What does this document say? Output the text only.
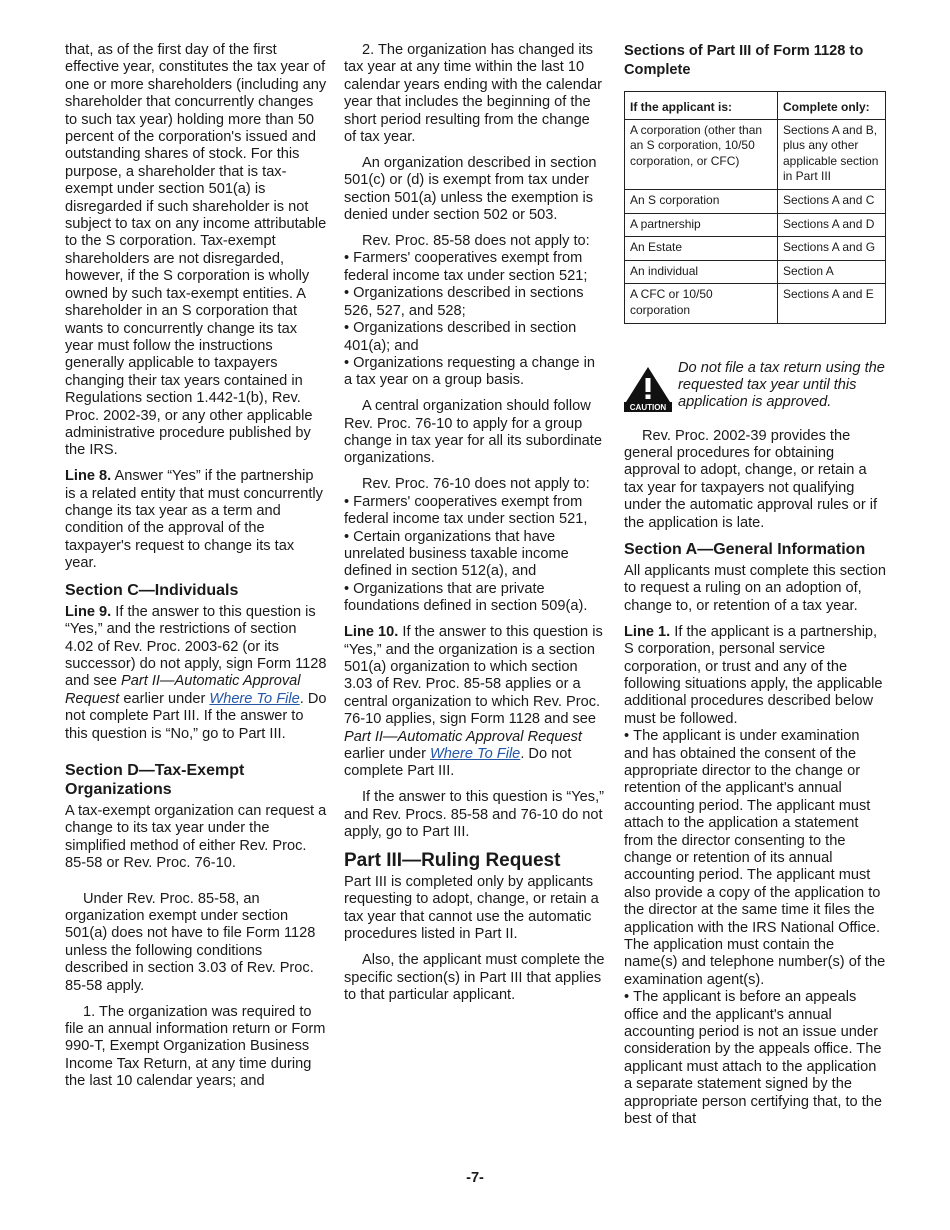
that, as of the first day of the first effective year, constitutes the tax year of one or more shareholders (including any shareholder that concurrently changes to such tax year) holding more than 50 percent of the corporation's issued and outstanding shares of stock. For this purpose, a shareholder that is tax-exempt under section 501(a) is disregarded if such shareholder is not subject to tax on any income attributable to the S corporation. Tax-exempt shareholders are not disregarded, however, if the S corporation is wholly owned by such tax-exempt entities. A shareholder in an S corporation that wants to concurrently change its tax year must follow the instructions generally applicable to taxpayers changing their tax years contained in Regulations section 1.442-1(b), Rev. Proc. 2002-39, or any other applicable administrative procedure published by the IRS.

Line 8. Answer “Yes” if the partnership is a related entity that must concurrently change its tax year as a term and condition of the approval of the taxpayer's request to change its tax year.

Section C—Individuals

Line 9. If the answer to this question is “Yes,” and the restrictions of section 4.02 of Rev. Proc. 2003-62 (or its successor) do not apply, sign Form 1128 and see Part II—Automatic Approval Request earlier under Where To File. Do not complete Part III. If the answer to this question is “No,” go to Part III.

Section D—Tax-Exempt Organizations

A tax-exempt organization can request a change to its tax year under the simplified method of either Rev. Proc. 85-58 or Rev. Proc. 76-10.

Under Rev. Proc. 85-58, an organization exempt under section 501(a) does not have to file Form 1128 unless the following conditions described in section 3.03 of Rev. Proc. 85-58 apply.

1. The organization was required to file an annual information return or Form 990-T, Exempt Organization Business Income Tax Return, at any time during the last 10 calendar years; and

2. The organization has changed its tax year at any time within the last 10 calendar years ending with the calendar year that includes the beginning of the short period resulting from the change of tax year.

An organization described in section 501(c) or (d) is exempt from tax under section 501(a) unless the exemption is denied under section 502 or 503.

Rev. Proc. 85-58 does not apply to:
• Farmers' cooperatives exempt from federal income tax under section 521;
• Organizations described in sections 526, 527, and 528;
• Organizations described in section 401(a); and
• Organizations requesting a change in a tax year on a group basis.

A central organization should follow Rev. Proc. 76-10 to apply for a group change in tax year for all its subordinate organizations.

Rev. Proc. 76-10 does not apply to:
• Farmers' cooperatives exempt from federal income tax under section 521,
• Certain organizations that have unrelated business taxable income defined in section 512(a), and
• Organizations that are private foundations defined in section 509(a).

Line 10. If the answer to this question is “Yes,” and the organization is a section 501(a) organization to which section 3.03 of Rev. Proc. 85-58 applies or a central organization to which Rev. Proc. 76-10 applies, sign Form 1128 and see Part II—Automatic Approval Request earlier under Where To File. Do not complete Part III.

If the answer to this question is “Yes,” and Rev. Procs. 85-58 and 76-10 do not apply, go to Part III.

Part III—Ruling Request

Part III is completed only by applicants requesting to adopt, change, or retain a tax year that cannot use the automatic procedures listed in Part II.

Also, the applicant must complete the specific section(s) in Part III that applies to that particular applicant.

Sections of Part III of Form 1128 to Complete
If the applicant is:	Complete only:
A corporation (other than an S corporation, 10/50 corporation, or CFC)	Sections A and B, plus any other applicable section in Part III
An S corporation	Sections A and C
A partnership	Sections A and D
An Estate	Sections A and G
An individual	Section A
A CFC or 10/50 corporation	Sections A and E
CAUTION
Do not file a tax return using the requested tax year until this application is approved.

Rev. Proc. 2002-39 provides the general procedures for obtaining approval to adopt, change, or retain a tax year for taxpayers not qualifying under the automatic approval rules or if the application is late.

Section A—General Information

All applicants must complete this section to request a ruling on an adoption of, change to, or retention of a tax year.

Line 1. If the applicant is a partnership, S corporation, personal service corporation, or trust and any of the following situations apply, the applicable additional procedures described below must be followed.
• The applicant is under examination and has obtained the consent of the appropriate director to the change or retention of the applicant's annual accounting period. The applicant must attach to the application a statement from the director consenting to the change or retention of its annual accounting period. The applicant must also provide a copy of the application to the director at the same time it files the application with the IRS National Office. The application must contain the name(s) and telephone number(s) of the examination agent(s).
• The applicant is before an appeals office and the applicant's annual accounting period is not an issue under consideration by the appeals office. The applicant must attach to the application a separate statement signed by the appropriate person certifying that, to the best of that

-7-
